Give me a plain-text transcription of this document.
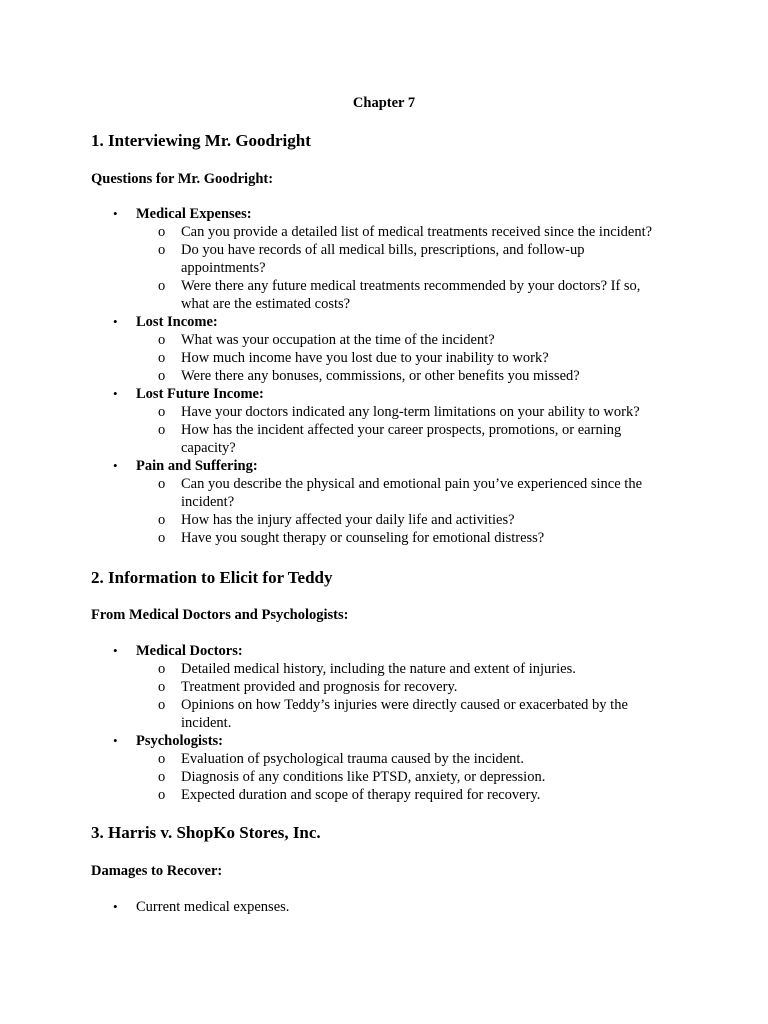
Chapter 7
1. Interviewing Mr. Goodright
Questions for Mr. Goodright:
• Medical Expenses:
o Can you provide a detailed list of medical treatments received since the incident?
o Do you have records of all medical bills, prescriptions, and follow-up appointments?
o Were there any future medical treatments recommended by your doctors? If so, what are the estimated costs?
• Lost Income:
o What was your occupation at the time of the incident?
o How much income have you lost due to your inability to work?
o Were there any bonuses, commissions, or other benefits you missed?
• Lost Future Income:
o Have your doctors indicated any long-term limitations on your ability to work?
o How has the incident affected your career prospects, promotions, or earning capacity?
• Pain and Suffering:
o Can you describe the physical and emotional pain you’ve experienced since the incident?
o How has the injury affected your daily life and activities?
o Have you sought therapy or counseling for emotional distress?
2. Information to Elicit for Teddy
From Medical Doctors and Psychologists:
• Medical Doctors:
o Detailed medical history, including the nature and extent of injuries.
o Treatment provided and prognosis for recovery.
o Opinions on how Teddy’s injuries were directly caused or exacerbated by the incident.
• Psychologists:
o Evaluation of psychological trauma caused by the incident.
o Diagnosis of any conditions like PTSD, anxiety, or depression.
o Expected duration and scope of therapy required for recovery.
3. Harris v. ShopKo Stores, Inc.
Damages to Recover:
• Current medical expenses.
